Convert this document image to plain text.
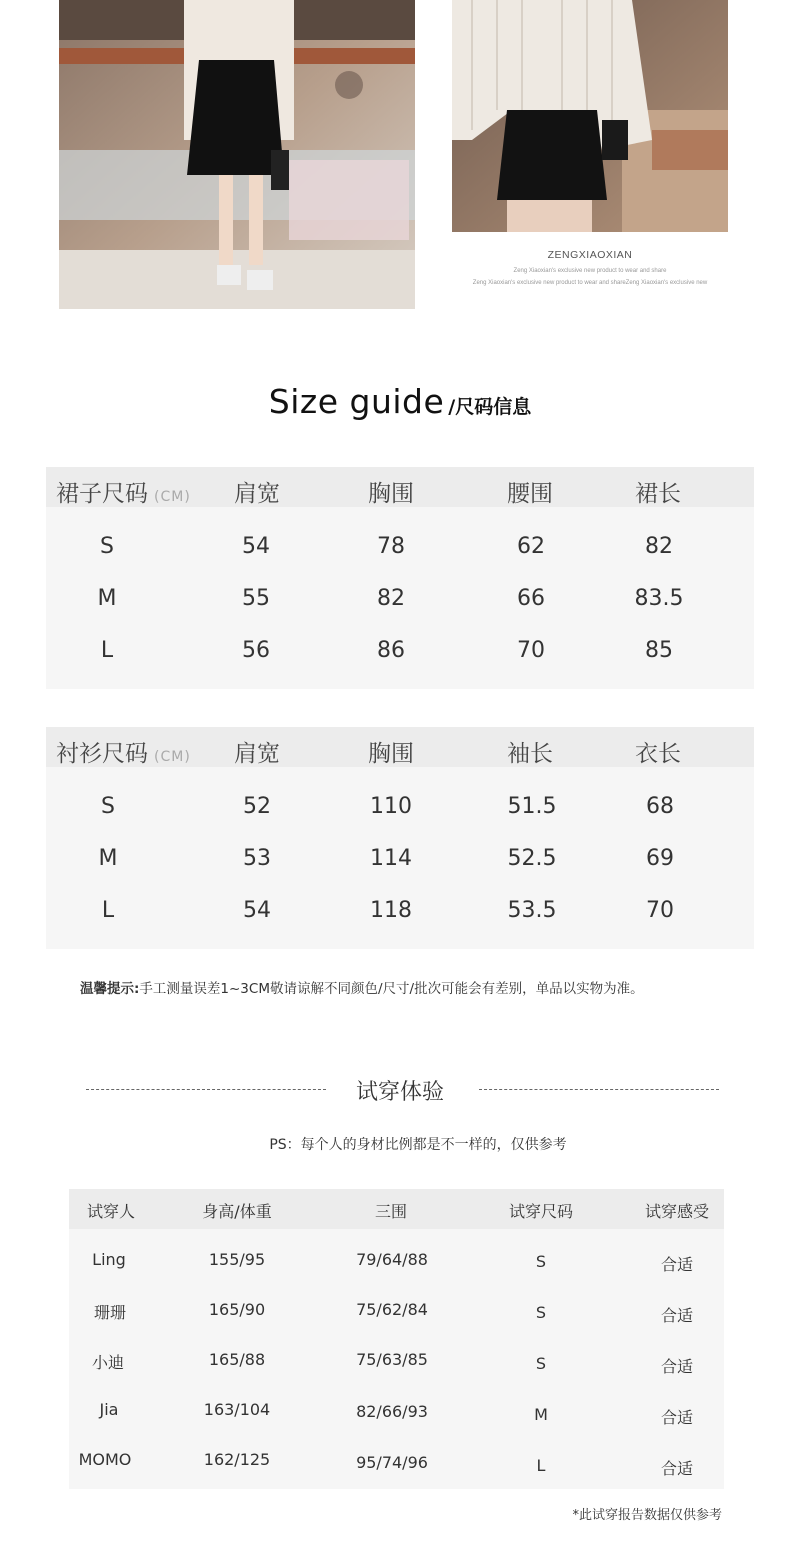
ZENGXIAOXIAN
Zeng Xiaoxian's exclusive new product to wear and share
Zeng Xiaoxian's exclusive new product to wear and shareZeng Xiaoxian's exclusive new
Size guide /尺码信息
裙子尺码 (CM) 肩宽	胸围	腰围	裙长
S	54	78	62	82
M	55	82	66	83.5
L	56	86	70	85
衬衫尺码 (CM) 肩宽	胸围	袖长	衣长
S	52	110	51.5	68
M	53	114	52.5	69
L	54	118	53.5	70
温馨提示:手工测量误差1~3CM敬请谅解不同颜色/尺寸/批次可能会有差别，单品以实物为准。
试穿体验
PS：每个人的身材比例都是不一样的，仅供参考
试穿人	身高/体重	三围	试穿尺码	试穿感受
Ling	155/95	79/64/88	S	合适
珊珊	165/90	75/62/84	S	合适
小迪	165/88	75/63/85	S	合适
Jia	163/104	82/66/93	M	合适
MOMO	162/125	95/74/96	L	合适
*此试穿报告数据仅供参考
